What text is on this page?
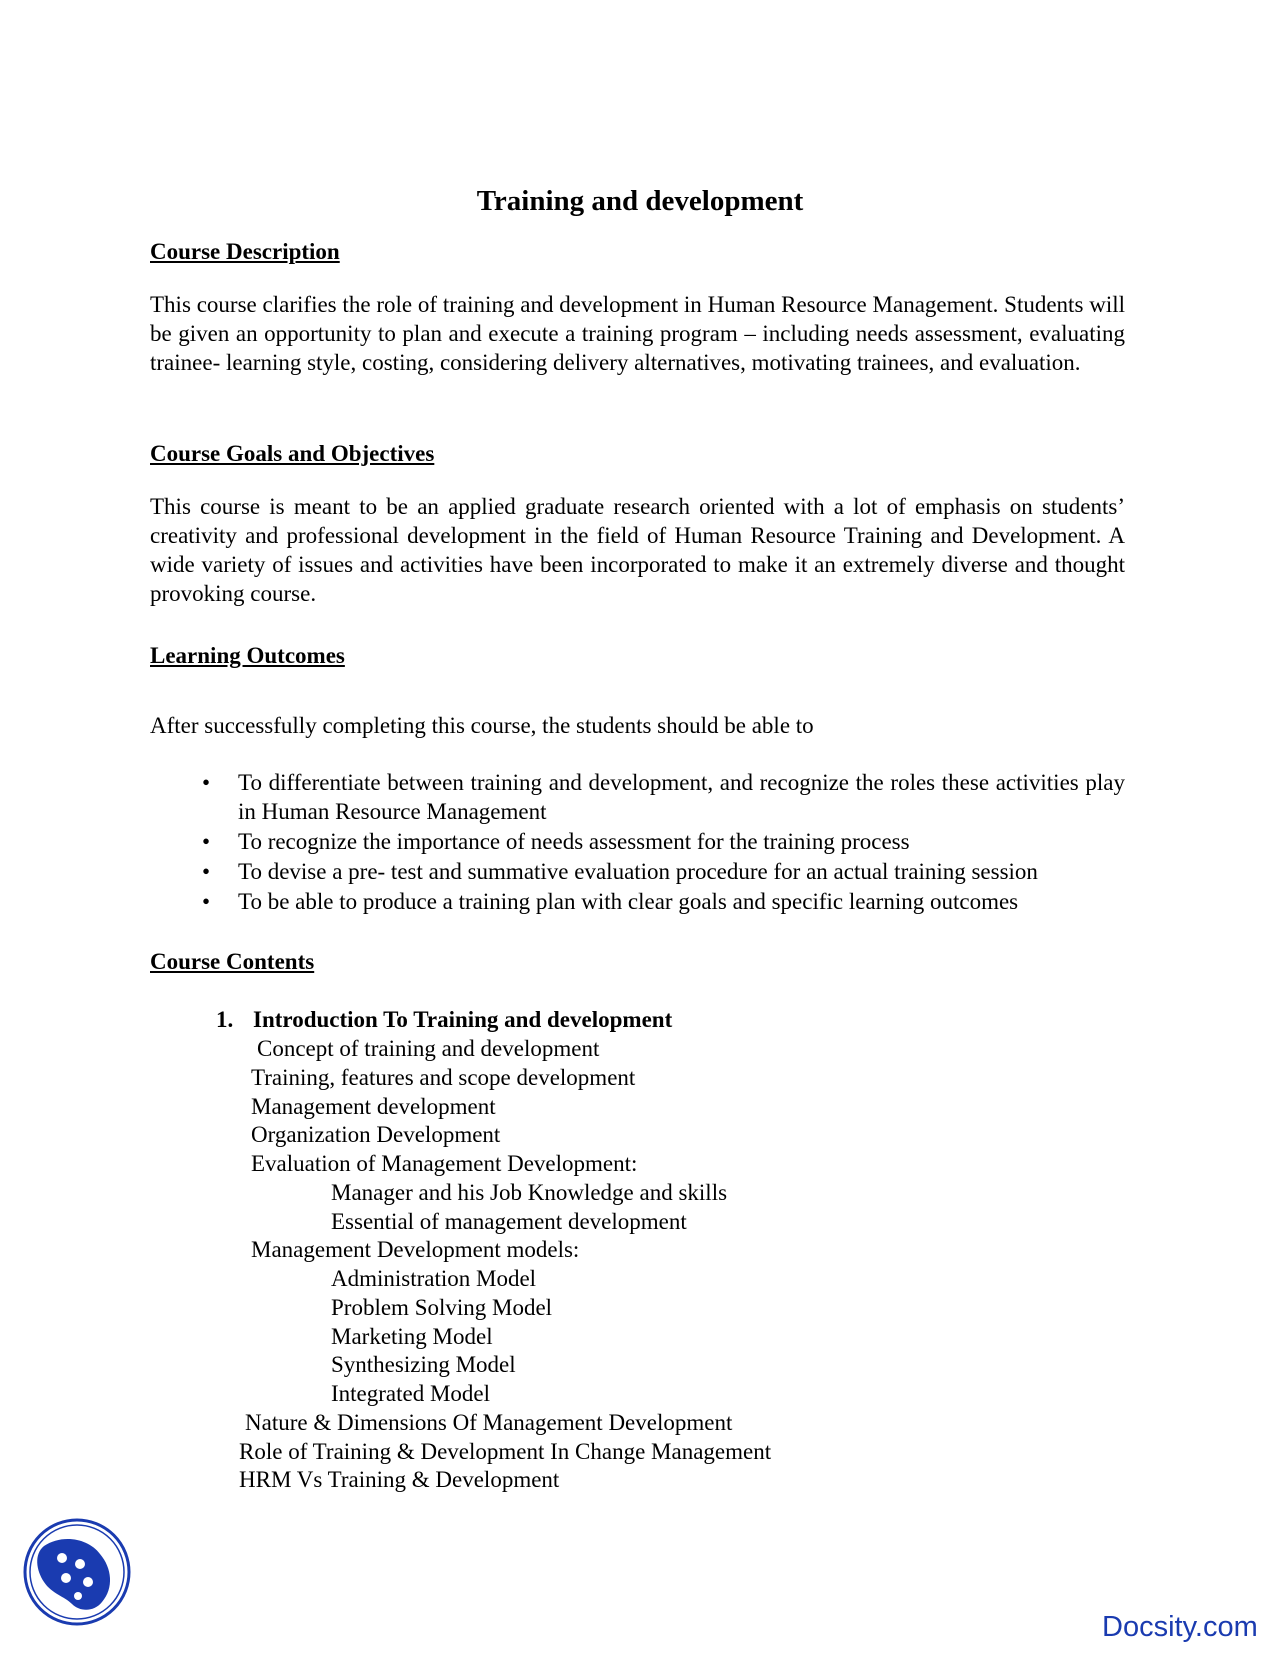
Training and development
Course Description
This course clarifies the role of training and development in Human Resource Management. Students will be given an opportunity to plan and execute a training program – including needs assessment, evaluating trainee- learning style, costing, considering delivery alternatives, motivating trainees, and evaluation.
Course Goals and Objectives
This course is meant to be an applied graduate research oriented with a lot of emphasis on students’ creativity and professional development in the field of Human Resource Training and Development. A wide variety of issues and activities have been incorporated to make it an extremely diverse and thought provoking course.
Learning Outcomes
After successfully completing this course, the students should be able to
• To differentiate between training and development, and recognize the roles these activities play in Human Resource Management
• To recognize the importance of needs assessment for the training process
• To devise a pre- test and summative evaluation procedure for an actual training session
• To be able to produce a training plan with clear goals and specific learning outcomes
Course Contents
1. Introduction To Training and development
Concept of training and development
Training, features and scope development
Management development
Organization Development
Evaluation of Management Development:
Manager and his Job Knowledge and skills
Essential of management development
Management Development models:
Administration Model
Problem Solving Model
Marketing Model
Synthesizing Model
Integrated Model
Nature & Dimensions Of Management Development
Role of Training & Development In Change Management
HRM Vs Training & Development
Docsity.com
